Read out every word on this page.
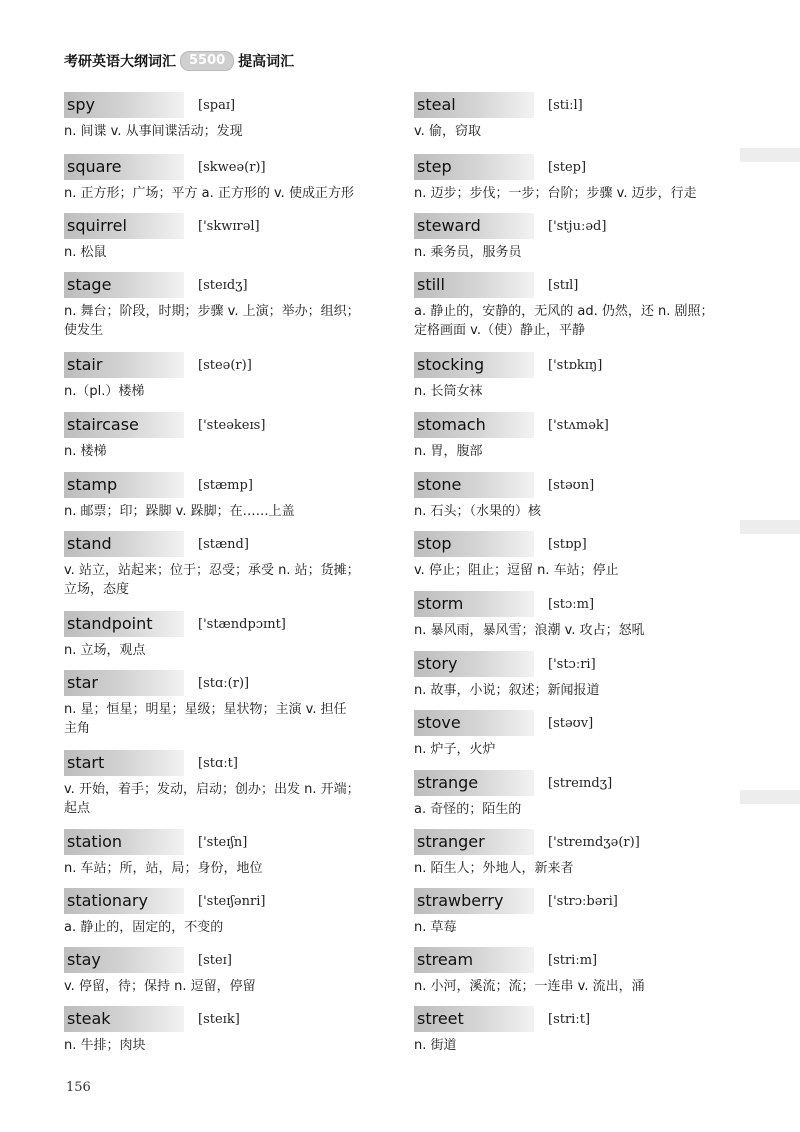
考研英语大纲词汇	5500 提高词汇
spy	[spaɪ]
n. 间谍 v. 从事间谍活动；发现
square	[skweə(r)]
n. 正方形；广场；平方 a. 正方形的 v. 使成正方形
squirrel	['skwɪrəl]
n. 松鼠
stage	[steɪdʒ]
n. 舞台；阶段，时期；步骤 v. 上演；举办；组织；
使发生
stair	[steə(r)]
n.（pl.）楼梯
staircase	['steəkeɪs]
n. 楼梯
stamp	[stæmp]
n. 邮票；印；跺脚 v. 跺脚；在……上盖
stand	[stænd]
v. 站立，站起来；位于；忍受；承受 n. 站；货摊；
立场，态度
standpoint	['stændpɔɪnt]
n. 立场，观点
star	[stɑː(r)]
n. 星；恒星；明星；星级；星状物；主演 v. 担任
主角
start	[stɑːt]
v. 开始，着手；发动，启动；创办；出发 n. 开端；
起点
station	['steɪʃn]
n. 车站；所，站，局；身份，地位
stationary	['steɪʃənri]
a. 静止的，固定的，不变的
stay	[steɪ]
v. 停留，待；保持 n. 逗留，停留
steak	[steɪk]
n. 牛排；肉块
steal	[stiːl]
v. 偷，窃取
step	[step]
n. 迈步；步伐；一步；台阶；步骤 v. 迈步，行走
steward	['stjuːəd]
n. 乘务员，服务员
still	[stɪl]
a. 静止的，安静的，无风的 ad. 仍然，还 n. 剧照；
定格画面 v.（使）静止，平静
stocking	['stɒkɪŋ]
n. 长筒女袜
stomach	['stʌmək]
n. 胃，腹部
stone	[stəʊn]
n. 石头；（水果的）核
stop	[stɒp]
v. 停止；阻止；逗留 n. 车站；停止
storm	[stɔːm]
n. 暴风雨，暴风雪；浪潮 v. 攻占；怒吼
story	['stɔːri]
n. 故事，小说；叙述；新闻报道
stove	[stəʊv]
n. 炉子，火炉
strange	[streɪndʒ]
a. 奇怪的；陌生的
stranger	['streɪndʒə(r)]
n. 陌生人；外地人，新来者
strawberry	['strɔːbəri]
n. 草莓
stream	[striːm]
n. 小河，溪流；流；一连串 v. 流出，涌
street	[striːt]
n. 街道
156
